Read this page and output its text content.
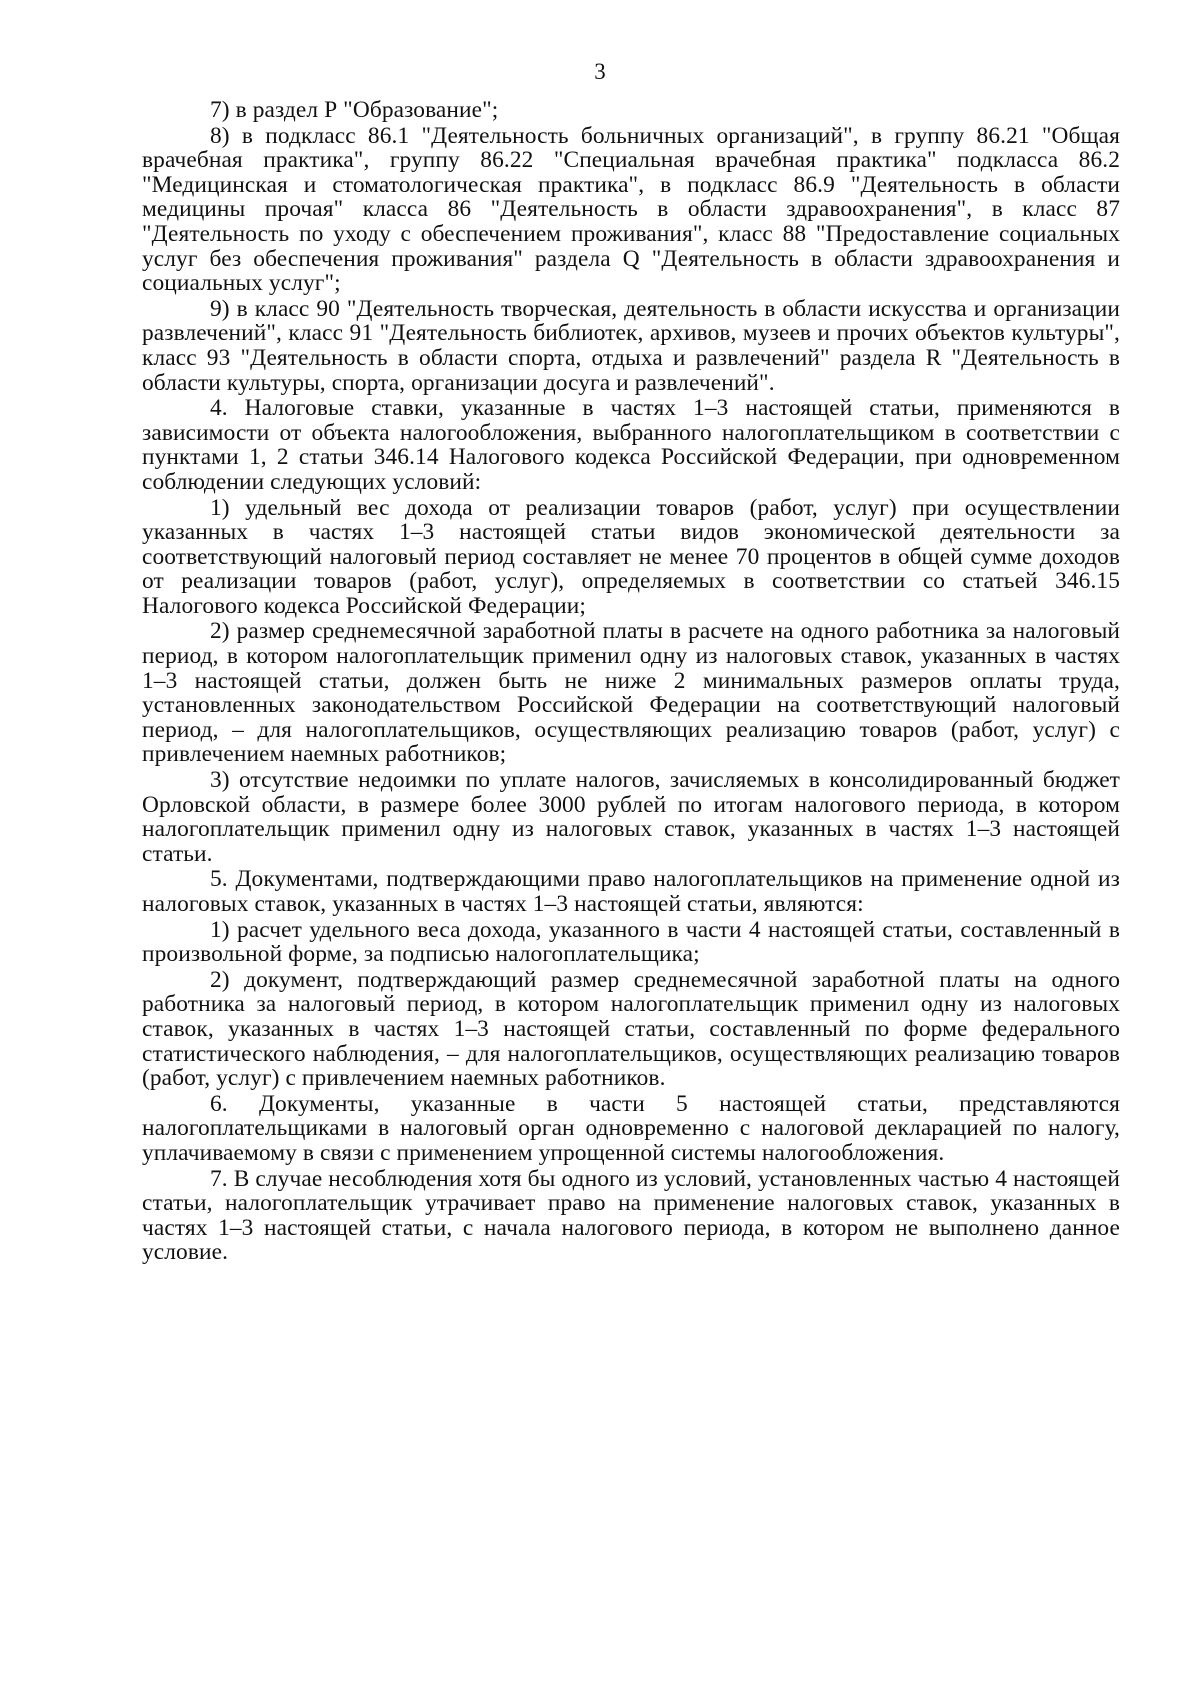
3

7) в раздел Р "Образование";

8) в подкласс 86.1 "Деятельность больничных организаций", в группу 86.21 "Общая врачебная практика", группу 86.22 "Специальная врачебная практика" подкласса 86.2 "Медицинская и стоматологическая практика", в подкласс 86.9 "Деятельность в области медицины прочая" класса 86 "Деятельность в области здравоохранения", в класс 87 "Деятельность по уходу с обеспечением проживания", класс 88 "Предоставление социальных услуг без обеспечения проживания" раздела Q "Деятельность в области здравоохранения и социальных услуг";

9) в класс 90 "Деятельность творческая, деятельность в области искусства и организации развлечений", класс 91 "Деятельность библиотек, архивов, музеев и прочих объектов культуры", класс 93 "Деятельность в области спорта, отдыха и развлечений" раздела R "Деятельность в области культуры, спорта, организации досуга и развлечений".

4. Налоговые ставки, указанные в частях 1–3 настоящей статьи, применяются в зависимости от объекта налогообложения, выбранного налогоплательщиком в соответствии с пунктами 1, 2 статьи 346.14 Налогового кодекса Российской Федерации, при одновременном соблюдении следующих условий:

1) удельный вес дохода от реализации товаров (работ, услуг) при осуществлении указанных в частях 1–3 настоящей статьи видов экономической деятельности за соответствующий налоговый период составляет не менее 70 процентов в общей сумме доходов от реализации товаров (работ, услуг), определяемых в соответствии со статьей 346.15 Налогового кодекса Российской Федерации;

2) размер среднемесячной заработной платы в расчете на одного работника за налоговый период, в котором налогоплательщик применил одну из налоговых ставок, указанных в частях 1–3 настоящей статьи, должен быть не ниже 2 минимальных размеров оплаты труда, установленных законодательством Российской Федерации на соответствующий налоговый период, – для налогоплательщиков, осуществляющих реализацию товаров (работ, услуг) с привлечением наемных работников;

3) отсутствие недоимки по уплате налогов, зачисляемых в консолидированный бюджет Орловской области, в размере более 3000 рублей по итогам налогового периода, в котором налогоплательщик применил одну из налоговых ставок, указанных в частях 1–3 настоящей статьи.

5. Документами, подтверждающими право налогоплательщиков на применение одной из налоговых ставок, указанных в частях 1–3 настоящей статьи, являются:

1) расчет удельного веса дохода, указанного в части 4 настоящей статьи, составленный в произвольной форме, за подписью налогоплательщика;

2) документ, подтверждающий размер среднемесячной заработной платы на одного работника за налоговый период, в котором налогоплательщик применил одну из налоговых ставок, указанных в частях 1–3 настоящей статьи, составленный по форме федерального статистического наблюдения, – для налогоплательщиков, осуществляющих реализацию товаров (работ, услуг) с привлечением наемных работников.

6. Документы, указанные в части 5 настоящей статьи, представляются налогоплательщиками в налоговый орган одновременно с налоговой декларацией по налогу, уплачиваемому в связи с применением упрощенной системы налогообложения.

7. В случае несоблюдения хотя бы одного из условий, установленных частью 4 настоящей статьи, налогоплательщик утрачивает право на применение налоговых ставок, указанных в частях 1–3 настоящей статьи, с начала налогового периода, в котором не выполнено данное условие.
